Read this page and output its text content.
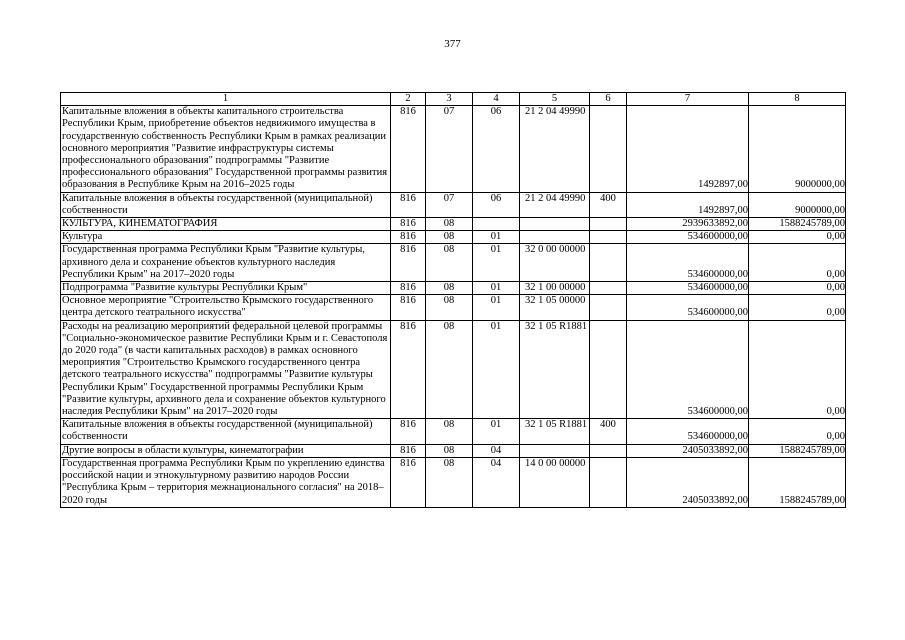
377
1	2	3	4	5	6	7	8
Капитальные вложения в объекты капитального строительства Республики Крым, приобретение объектов недвижимого имущества в государственную собственность Республики Крым в рамках реализации основного мероприятия "Развитие инфраструктуры системы профессионального образования" подпрограммы "Развитие профессионального образования" Государственной программы развития образования в Республике Крым на 2016–2025 годы	816	07	06	21 2 04 49990		1492897,00	9000000,00
Капитальные вложения в объекты государственной (муниципальной) собственности	816	07	06	21 2 04 49990	400	1492897,00	9000000,00
КУЛЬТУРА, КИНЕМАТОГРАФИЯ	816	08				2939633892,00	1588245789,00
Культура	816	08	01			534600000,00	0,00
Государственная программа Республики Крым "Развитие культуры, архивного дела и сохранение объектов культурного наследия Республики Крым" на 2017–2020 годы	816	08	01	32 0 00 00000		534600000,00	0,00
Подпрограмма "Развитие культуры Республики Крым"	816	08	01	32 1 00 00000		534600000,00	0,00
Основное мероприятие "Строительство Крымского государственного центра детского театрального искусства"	816	08	01	32 1 05 00000		534600000,00	0,00
Расходы на реализацию мероприятий федеральной целевой программы "Социально-экономическое развитие Республики Крым и г. Севастополя до 2020 года" (в части капитальных расходов) в рамках основного мероприятия "Строительство Крымского государственного центра детского театрального искусства" подпрограммы "Развитие культуры Республики Крым" Государственной программы Республики Крым "Развитие культуры, архивного дела и сохранение объектов культурного наследия Республики Крым" на 2017–2020 годы	816	08	01	32 1 05 R1881		534600000,00	0,00
Капитальные вложения в объекты государственной (муниципальной) собственности	816	08	01	32 1 05 R1881	400	534600000,00	0,00
Другие вопросы в области культуры, кинематографии	816	08	04			2405033892,00	1588245789,00
Государственная программа Республики Крым по укреплению единства российской нации и этнокультурному развитию народов России "Республика Крым – территория межнационального согласия" на 2018–2020 годы	816	08	04	14 0 00 00000		2405033892,00	1588245789,00
